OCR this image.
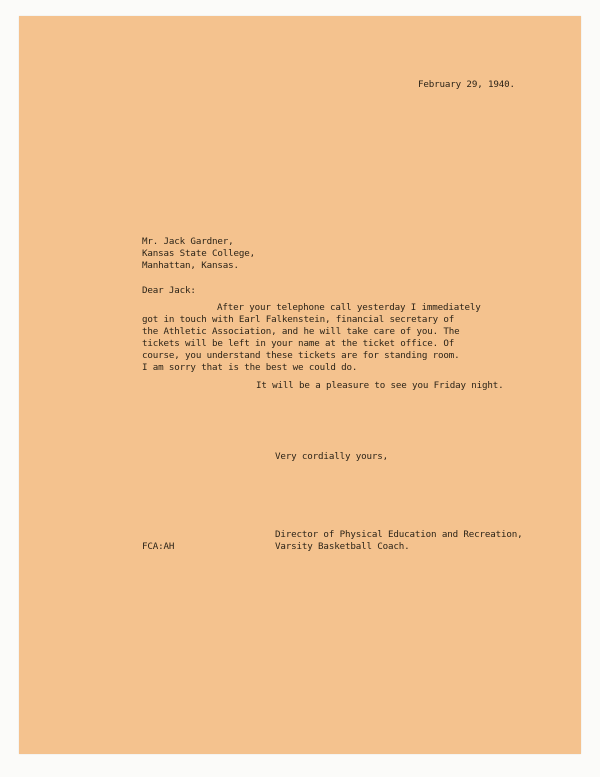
February 29, 1940.
Mr. Jack Gardner,
Kansas State College,
Manhattan, Kansas.
Dear Jack:
After your telephone call yesterday I immediately
got in touch with Earl Falkenstein, financial secretary of
the Athletic Association, and he will take care of you. The
tickets will be left in your name at the ticket office. Of
course, you understand these tickets are for standing room.
I am sorry that is the best we could do.
It will be a pleasure to see you Friday night.
Very cordially yours,
Director of Physical Education and Recreation,
Varsity Basketball Coach.
FCA:AH
